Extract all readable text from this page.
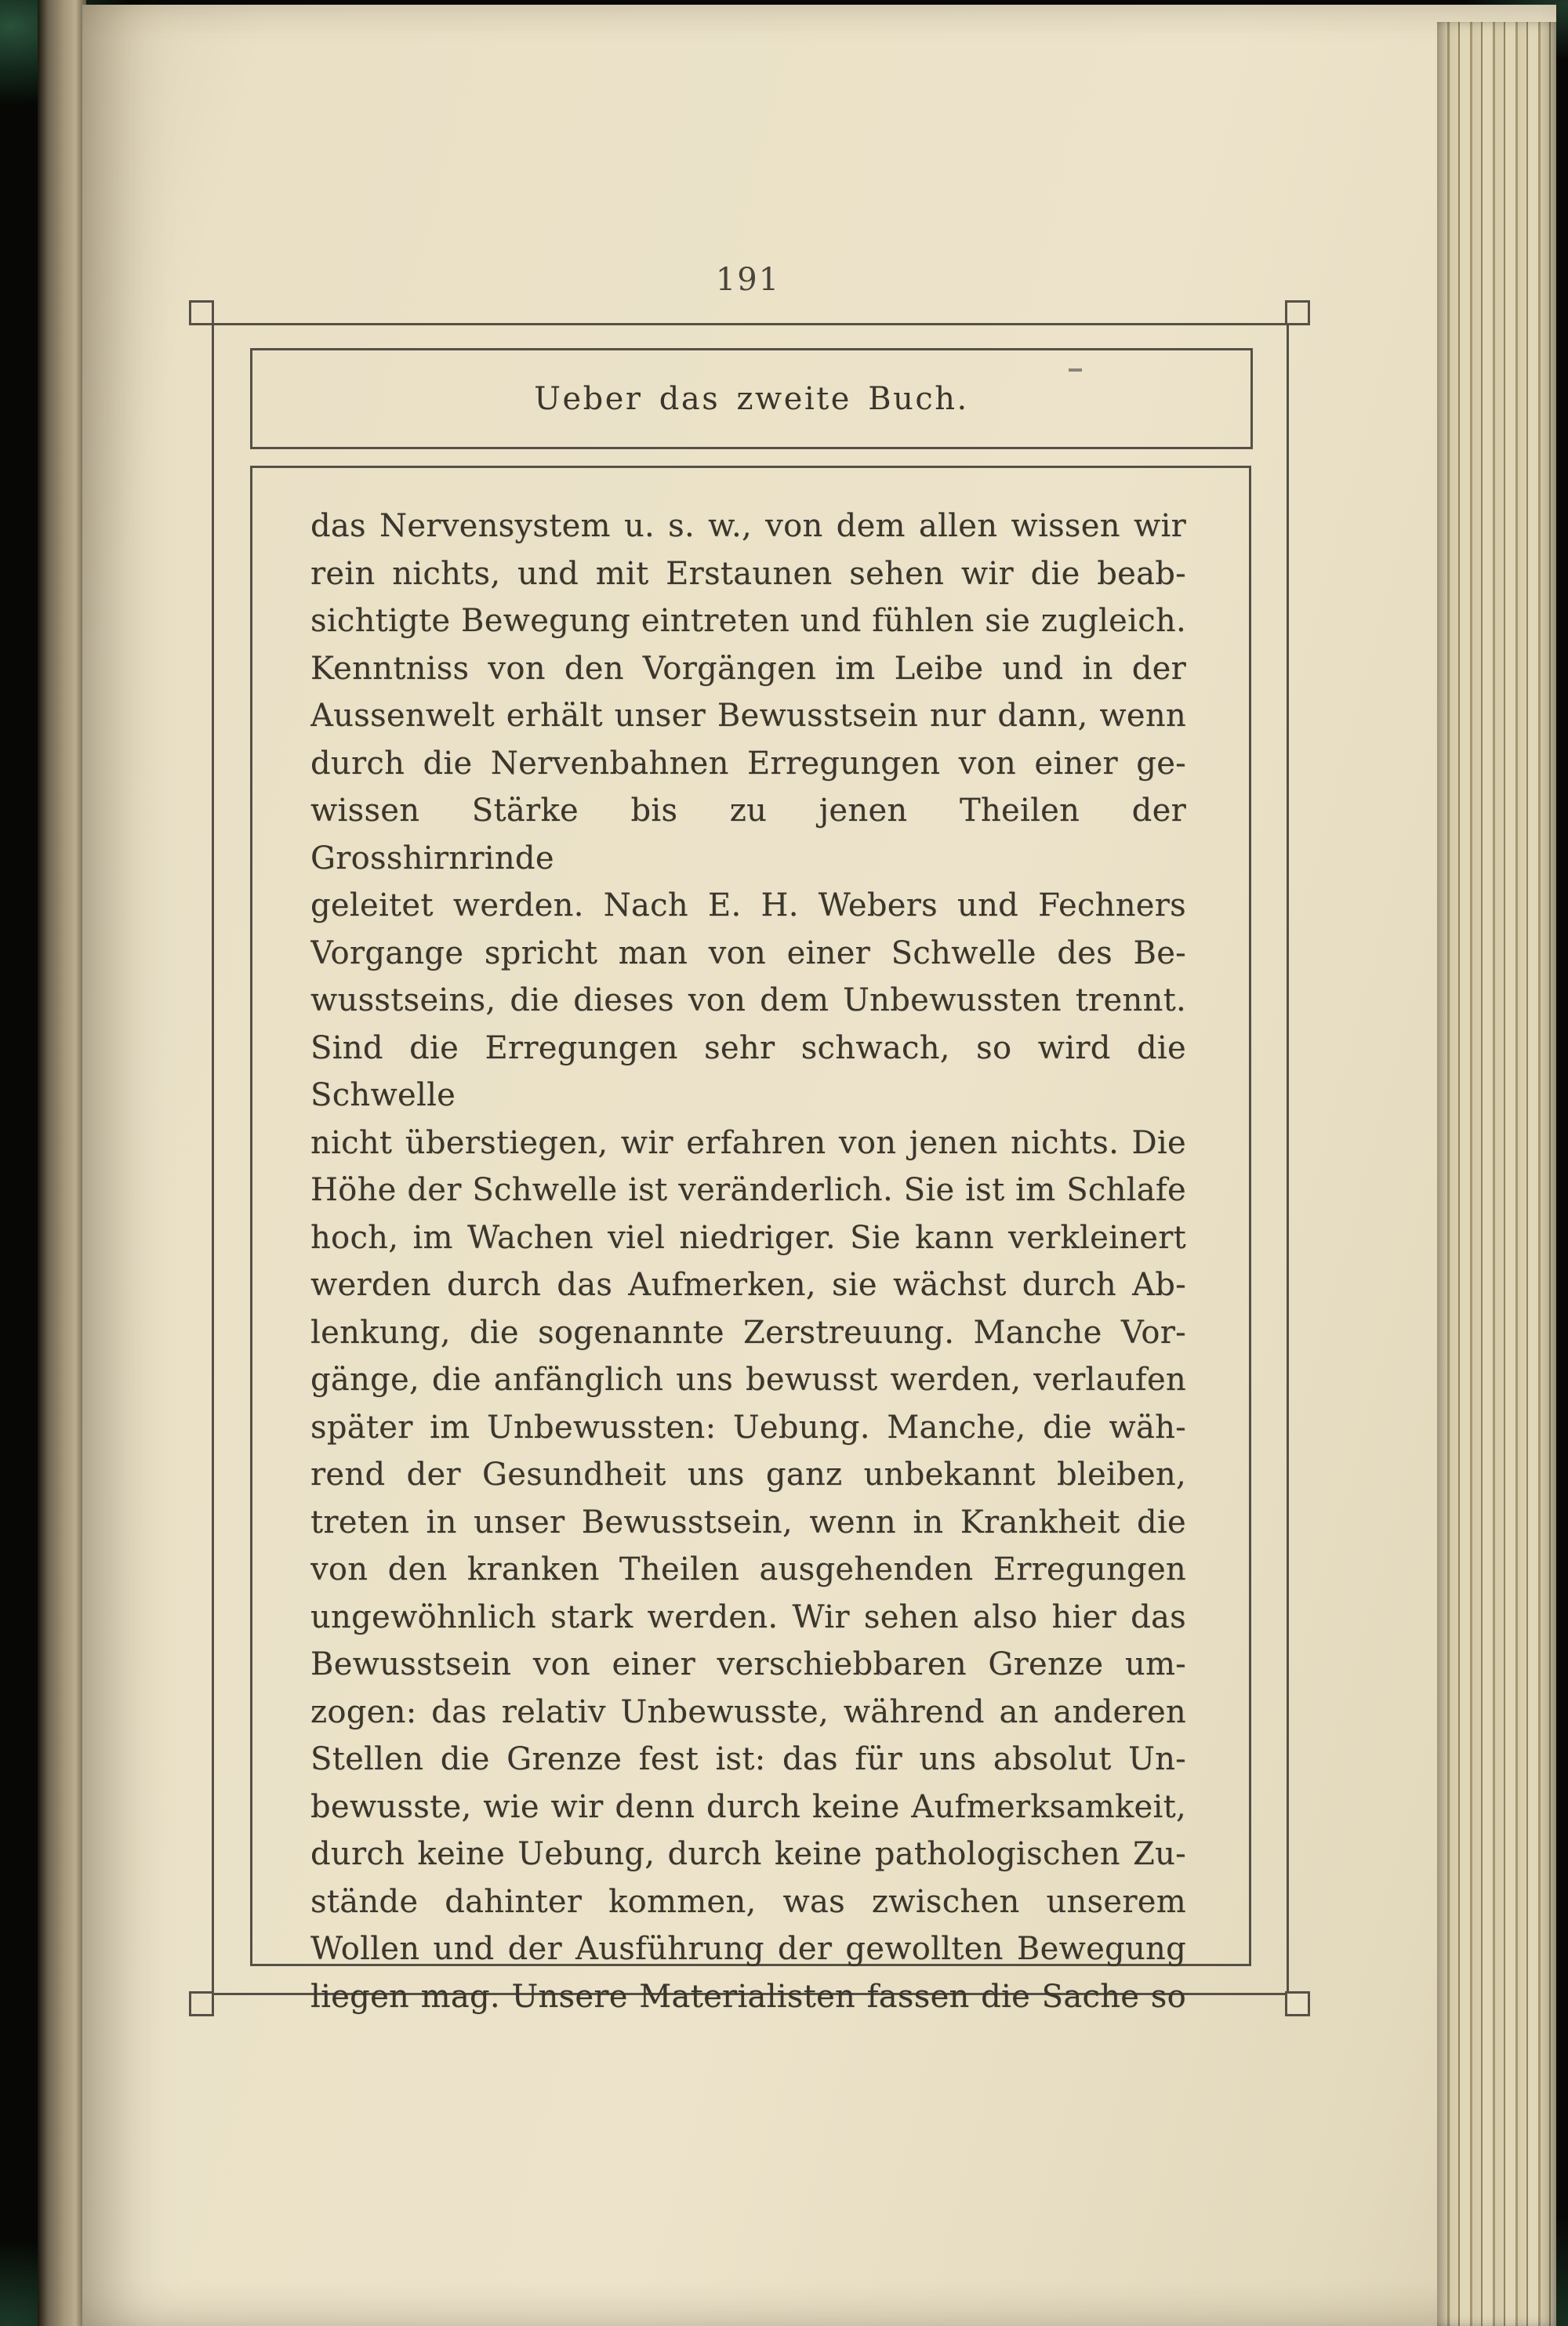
191
Ueber das zweite Buch.
das Nervensystem u. s. w., von dem allen wissen wir
rein nichts, und mit Erstaunen sehen wir die beab-
sichtigte Bewegung eintreten und fühlen sie zugleich.
Kenntniss von den Vorgängen im Leibe und in der
Aussenwelt erhält unser Bewusstsein nur dann, wenn
durch die Nervenbahnen Erregungen von einer ge-
wissen Stärke bis zu jenen Theilen der Grosshirnrinde
geleitet werden. Nach E. H. Webers und Fechners
Vorgange spricht man von einer Schwelle des Be-
wusstseins, die dieses von dem Unbewussten trennt.
Sind die Erregungen sehr schwach, so wird die Schwelle
nicht überstiegen, wir erfahren von jenen nichts. Die
Höhe der Schwelle ist veränderlich. Sie ist im Schlafe
hoch, im Wachen viel niedriger. Sie kann verkleinert
werden durch das Aufmerken, sie wächst durch Ab-
lenkung, die sogenannte Zerstreuung. Manche Vor-
gänge, die anfänglich uns bewusst werden, verlaufen
später im Unbewussten: Uebung. Manche, die wäh-
rend der Gesundheit uns ganz unbekannt bleiben,
treten in unser Bewusstsein, wenn in Krankheit die
von den kranken Theilen ausgehenden Erregungen
ungewöhnlich stark werden. Wir sehen also hier das
Bewusstsein von einer verschiebbaren Grenze um-
zogen: das relativ Unbewusste, während an anderen
Stellen die Grenze fest ist: das für uns absolut Un-
bewusste, wie wir denn durch keine Aufmerksamkeit,
durch keine Uebung, durch keine pathologischen Zu-
stände dahinter kommen, was zwischen unserem
Wollen und der Ausführung der gewollten Bewegung
liegen mag. Unsere Materialisten fassen die Sache so
